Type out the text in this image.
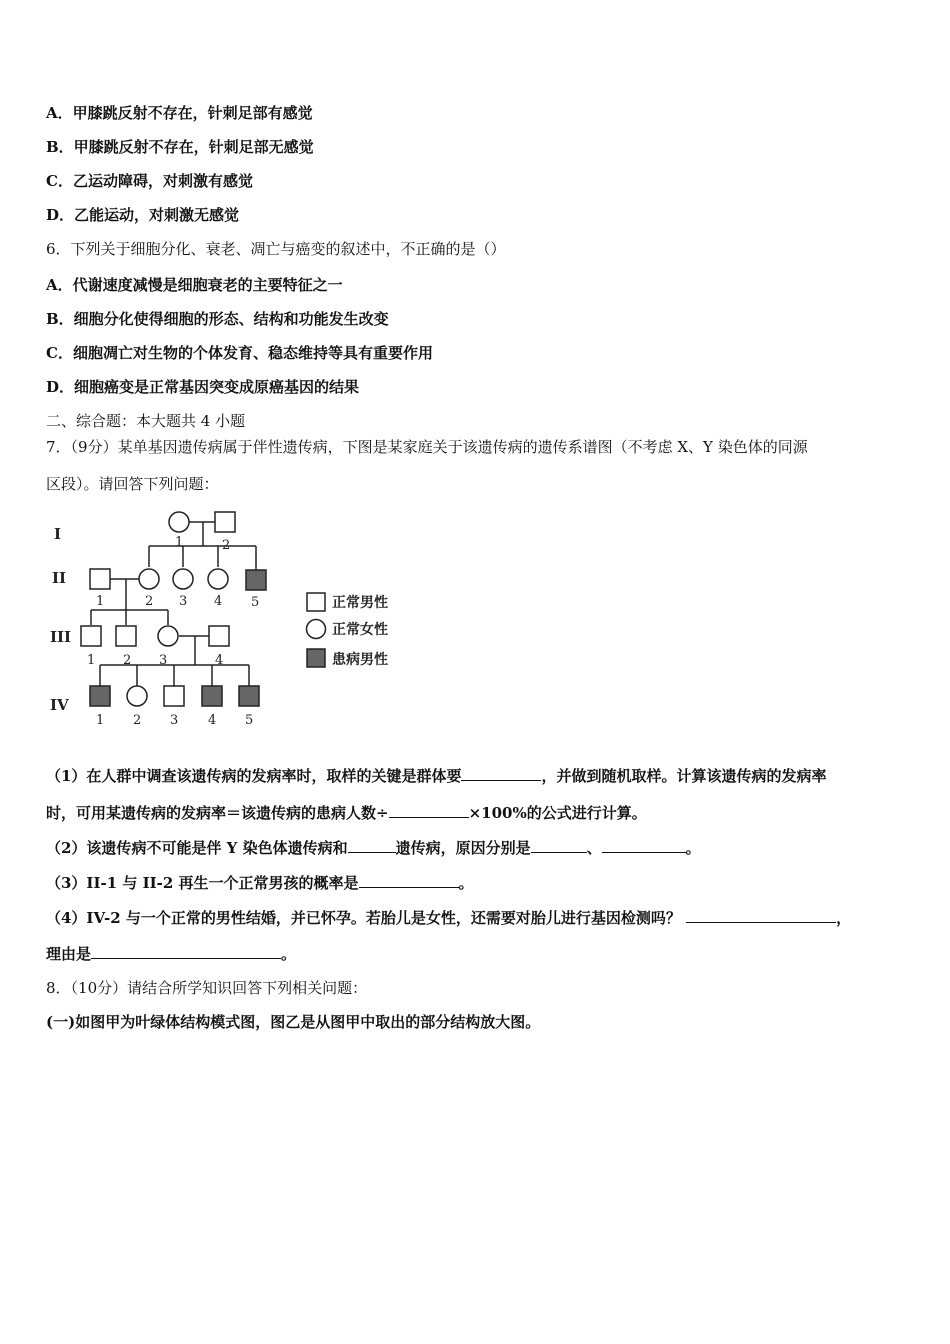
A．甲膝跳反射不存在，针刺足部有感觉
B．甲膝跳反射不存在，针刺足部无感觉
C．乙运动障碍，对刺激有感觉
D．乙能运动，对刺激无感觉
6．下列关于细胞分化、衰老、凋亡与癌变的叙述中，不正确的是（）
A．代谢速度减慢是细胞衰老的主要特征之一
B．细胞分化使得细胞的形态、结构和功能发生改变
C．细胞凋亡对生物的个体发育、稳态维持等具有重要作用
D．细胞癌变是正常基因突变成原癌基因的结果
二、综合题：本大题共 4 小题
7．（9分）某单基因遗传病属于伴性遗传病，下图是某家庭关于该遗传病的遗传系谱图（不考虑 X、Y 染色体的同源
区段）。请回答下列问题：
I
II
III
IV
1	2
1	2 3 4 5
1 2 3	4
1 2 3 4 5
正常男性
正常女性
患病男性
（1）在人群中调查该遗传病的发病率时，取样的关键是群体要	，并做到随机取样。计算该遗传病的发病率
时，可用某遗传病的发病率＝该遗传病的患病人数÷	×100%的公式进行计算。
（2）该遗传病不可能是伴 Y 染色体遗传病和	遗传病，原因分别是	、	。
（3）II-1 与 II-2 再生一个正常男孩的概率是	。
（4）IV-2 与一个正常的男性结婚，并已怀孕。若胎儿是女性，还需要对胎儿进行基因检测吗？	，
理由是	。
8．（10分）请结合所学知识回答下列相关问题：
(一)如图甲为叶绿体结构模式图，图乙是从图甲中取出的部分结构放大图。
